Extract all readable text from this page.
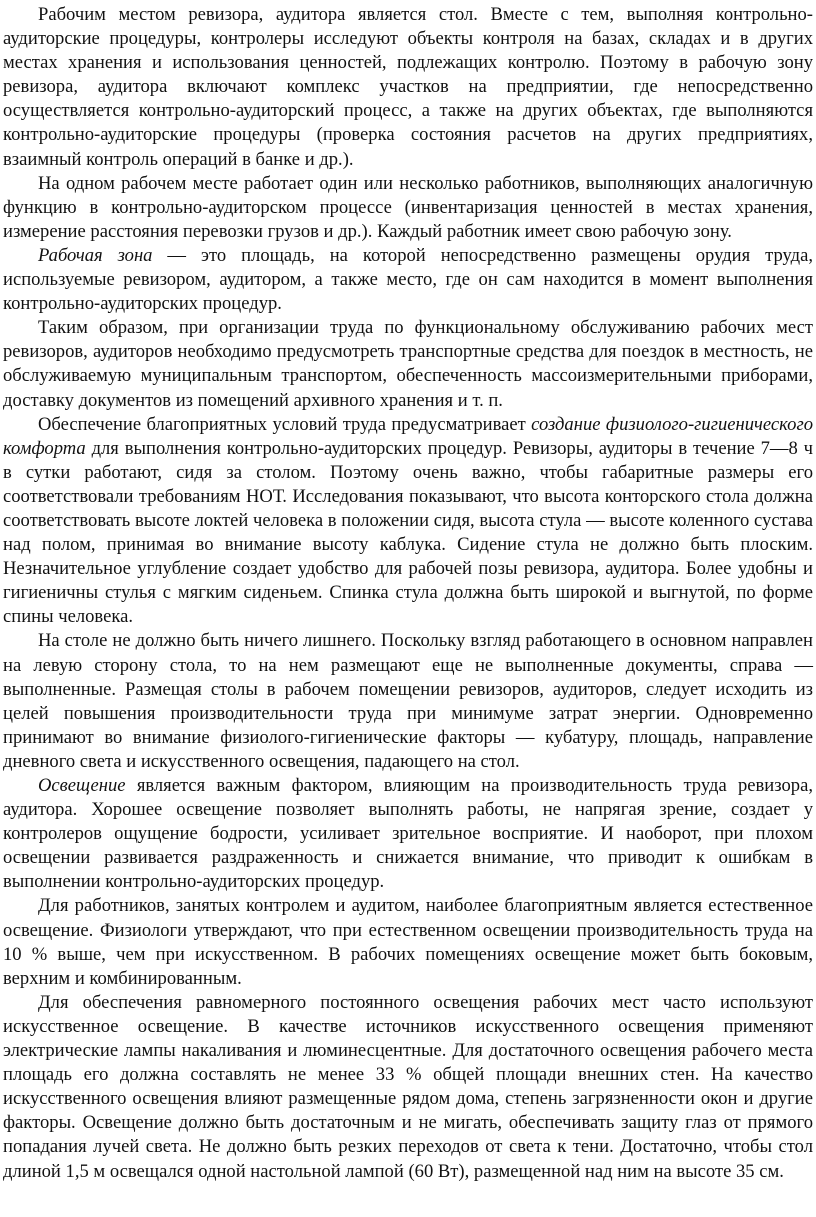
Рабочим местом ревизора, аудитора является стол. Вместе с тем, выполняя контрольно-аудиторские процедуры, контролеры исследуют объекты контроля на базах, складах и в других местах хранения и использования ценностей, подлежащих контролю. Поэтому в рабочую зону ревизора, аудитора включают комплекс участков на предприятии, где непосредственно осуществляется контрольно-аудиторский процесс, а также на других объектах, где выполняются контрольно-аудиторские процедуры (проверка состояния расчетов на других предприятиях, взаимный контроль операций в банке и др.).

На одном рабочем месте работает один или несколько работников, выполняющих аналогичную функцию в контрольно-аудиторском процессе (инвентаризация ценностей в местах хранения, измерение расстояния перевозки грузов и др.). Каждый работник имеет свою рабочую зону.

Рабочая зона — это площадь, на которой непосредственно размещены орудия труда, используемые ревизором, аудитором, а также место, где он сам находится в момент выполнения контрольно-аудиторских процедур.

Таким образом, при организации труда по функциональному обслуживанию рабочих мест ревизоров, аудиторов необходимо предусмотреть транспортные средства для поездок в местность, не обслуживаемую муниципальным транспортом, обеспеченность массоизмерительными приборами, доставку документов из помещений архивного хранения и т. п.

Обеспечение благоприятных условий труда предусматривает создание физиолого-гигиенического комфорта для выполнения контрольно-аудиторских процедур. Ревизоры, аудиторы в течение 7—8 ч в сутки работают, сидя за столом. Поэтому очень важно, чтобы габаритные размеры его соответствовали требованиям НОТ. Исследования показывают, что высота конторского стола должна соответствовать высоте локтей человека в положении сидя, высота стула — высоте коленного сустава над полом, принимая во внимание высоту каблука. Сидение стула не должно быть плоским. Незначительное углубление создает удобство для рабочей позы ревизора, аудитора. Более удобны и гигиеничны стулья с мягким сиденьем. Спинка стула должна быть широкой и выгнутой, по форме спины человека.

На столе не должно быть ничего лишнего. Поскольку взгляд работающего в основном направлен на левую сторону стола, то на нем размещают еще не выполненные документы, справа — выполненные. Размещая столы в рабочем помещении ревизоров, аудиторов, следует исходить из целей повышения производительности труда при минимуме затрат энергии. Одновременно принимают во внимание физиолого-гигиенические факторы — кубатуру, площадь, направление дневного света и искусственного освещения, падающего на стол.

Освещение является важным фактором, влияющим на производительность труда ревизора, аудитора. Хорошее освещение позволяет выполнять работы, не напрягая зрение, создает у контролеров ощущение бодрости, усиливает зрительное восприятие. И наоборот, при плохом освещении развивается раздраженность и снижается внимание, что приводит к ошибкам в выполнении контрольно-аудиторских процедур.

Для работников, занятых контролем и аудитом, наиболее благоприятным является естественное освещение. Физиологи утверждают, что при естественном освещении производительность труда на 10 % выше, чем при искусственном. В рабочих помещениях освещение может быть боковым, верхним и комбинированным.

Для обеспечения равномерного постоянного освещения рабочих мест часто используют искусственное освещение. В качестве источников искусственного освещения применяют электрические лампы накаливания и люминесцентные. Для достаточного освещения рабочего места площадь его должна составлять не менее 33 % общей площади внешних стен. На качество искусственного освещения влияют размещенные рядом дома, степень загрязненности окон и другие факторы. Освещение должно быть достаточным и не мигать, обеспечивать защиту глаз от прямого попадания лучей света. Не должно быть резких переходов от света к тени. Достаточно, чтобы стол длиной 1,5 м освещался одной настольной лампой (60 Вт), размещенной над ним на высоте 35 см.
